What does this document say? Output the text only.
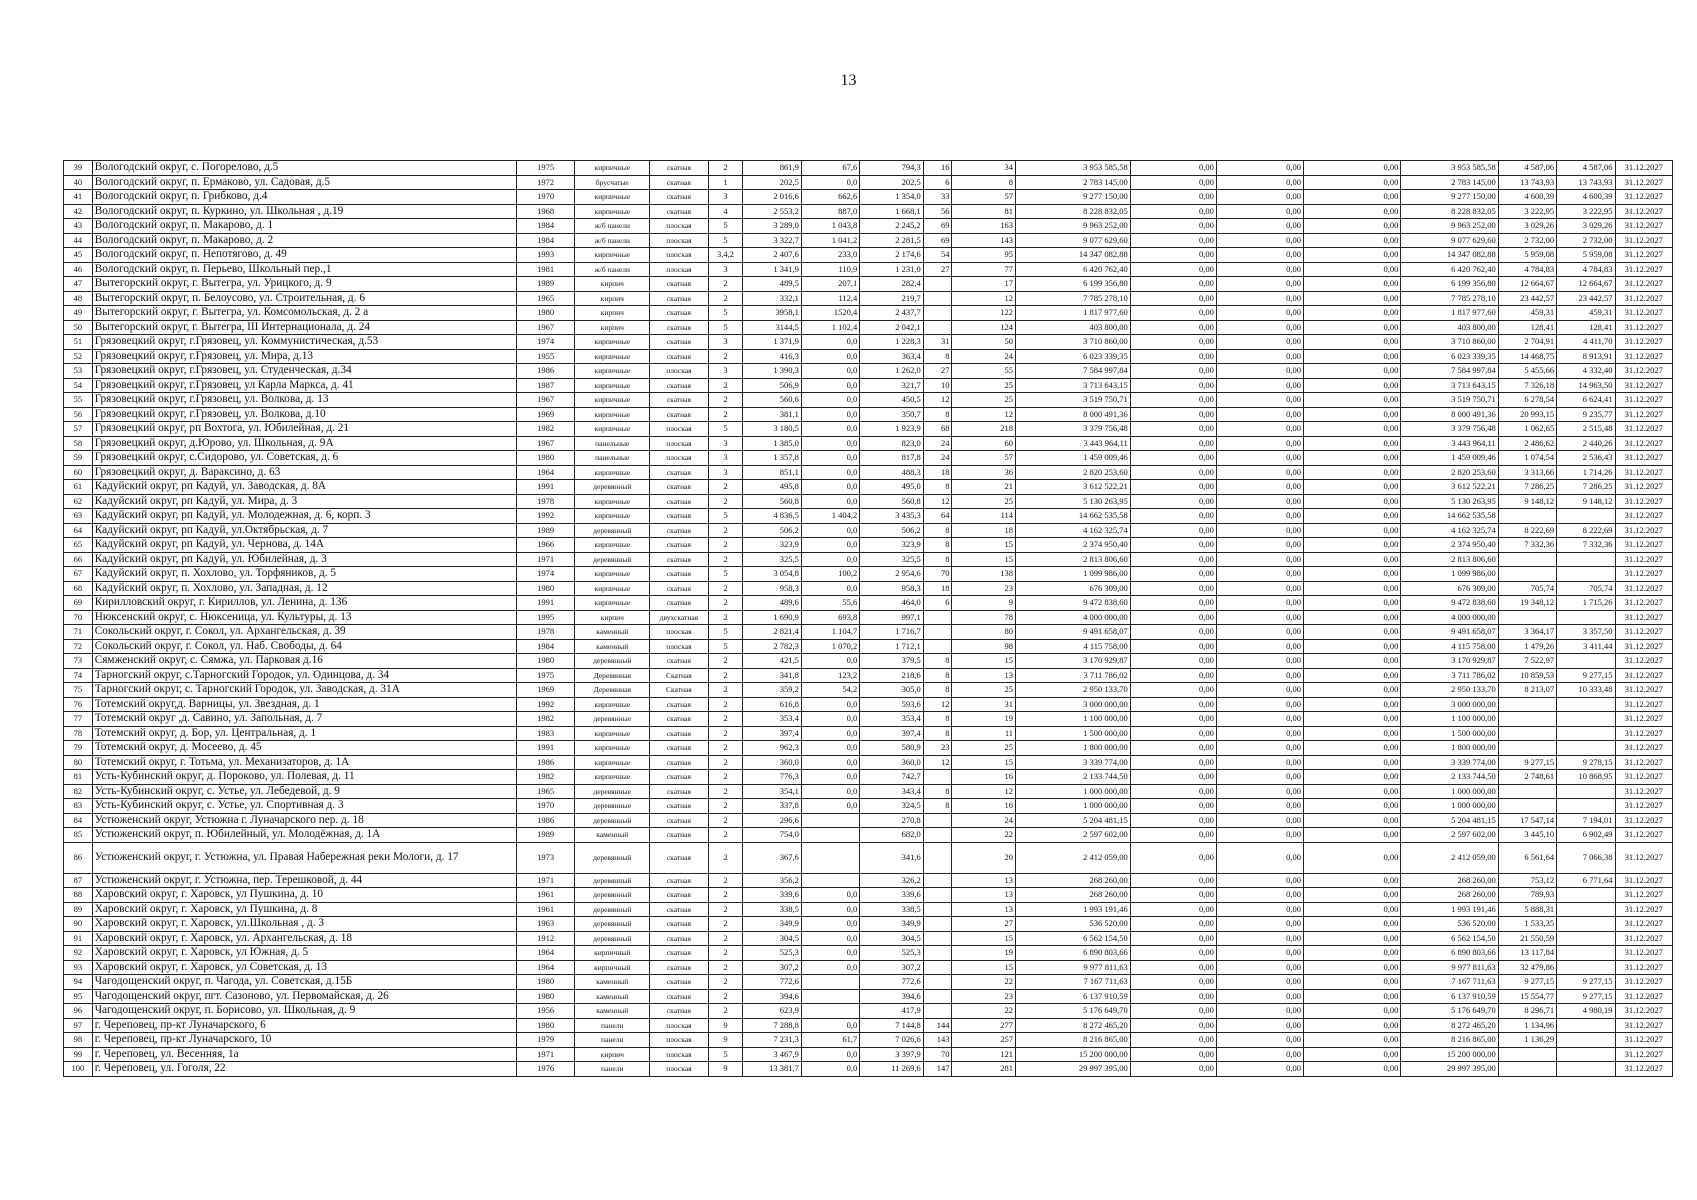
13
39	Вологодский округ, с. Погорелово, д.5	1975	кирпичные	скатная	2	861,9	67,6	794,3	16	34	3 953 585,58	0,00	0,00	0,00	3 953 585,58	4 587,06	4 587,06	31.12.2027
40	Вологодский округ, п. Ермаково, ул. Садовая, д.5	1972	брусчатые	скатная	1	202,5	0,0	202,5	6	8	2 783 145,00	0,00	0,00	0,00	2 783 145,00	13 743,93	13 743,93	31.12.2027
41	Вологодский округ, п. Грибково, д.4	1970	кирпичные	скатная	3	2 016,6	662,6	1 354,0	33	57	9 277 150,00	0,00	0,00	0,00	9 277 150,00	4 600,39	4 600,39	31.12.2027
42	Вологодский округ, п. Куркино, ул. Школьная , д.19	1968	кирпичные	скатная	4	2 553,2	887,0	1 668,1	56	81	8 228 832,05	0,00	0,00	0,00	8 228 832,05	3 222,95	3 222,95	31.12.2027
43	Вологодский округ, п. Макарово, д. 1	1984	ж/б панели	плоская	5	3 289,0	1 043,8	2 245,2	69	163	9 963 252,00	0,00	0,00	0,00	9 963 252,00	3 029,26	3 029,26	31.12.2027
44	Вологодский округ, п. Макарово, д. 2	1984	ж/б панели	плоская	5	3 322,7	1 041,2	2 281,5	69	143	9 077 629,60	0,00	0,00	0,00	9 077 629,60	2 732,00	2 732,00	31.12.2027
45	Вологодский округ, п. Непотягово, д. 49	1993	кирпичные	плоская	3,4,2	2 407,6	233,0	2 174,6	54	95	14 347 082,88	0,00	0,00	0,00	14 347 082,88	5 959,08	5 959,08	31.12.2027
46	Вологодский округ, п. Перьево, Школьный пер.,1	1981	ж/б панели	плоская	3	1 341,9	110,9	1 231,0	27	77	6 420 762,40	0,00	0,00	0,00	6 420 762,40	4 784,83	4 784,83	31.12.2027
47	Вытегорский округ, г. Вытегра, ул. Урицкого, д. 9	1989	кирпич	скатная	2	489,5	207,1	282,4		17	6 199 356,80	0,00	0,00	0,00	6 199 356,80	12 664,67	12 664,67	31.12.2027
48	Вытегорский округ, п. Белоусово, ул. Строительная, д. 6	1965	кирпич	скатная	2	332,1	112,4	219,7		12	7 785 278,10	0,00	0,00	0,00	7 785 278,10	23 442,57	23 442,57	31.12.2027
49	Вытегорский округ, г. Вытегра, ул. Комсомольская, д. 2 а	1980	кирпич	скатная	5	3958,1	1520,4	2 437,7		122	1 817 977,60	0,00	0,00	0,00	1 817 977,60	459,31	459,31	31.12.2027
50	Вытегорский округ, г. Вытегра, III Интернационала, д. 24	1967	кирпич	скатная	5	3144,5	1 102,4	2 042,1		124	403 800,00	0,00	0,00	0,00	403 800,00	128,41	128,41	31.12.2027
51	Грязовецкий округ, г.Грязовец, ул. Коммунистическая, д.53	1974	кирпичные	скатная	3	1 371,9	0,0	1 228,3	31	50	3 710 860,00	0,00	0,00	0,00	3 710 860,00	2 704,91	4 411,70	31.12.2027
52	Грязовецкий округ, г.Грязовец, ул. Мира, д.13	1955	кирпичные	скатная	2	416,3	0,0	363,4	8	24	6 023 339,35	0,00	0,00	0,00	6 023 339,35	14 468,75	8 913,91	31.12.2027
53	Грязовецкий округ, г.Грязовец, ул. Студенческая, д.34	1986	кирпичные	плоская	3	1 390,3	0,0	1 262,0	27	55	7 584 997,84	0,00	0,00	0,00	7 584 997,84	5 455,66	4 332,40	31.12.2027
54	Грязовецкий округ, г.Грязовец, ул Карла Маркса, д. 41	1987	кирпичные	скатная	2	506,9	0,0	321,7	10	25	3 713 643,15	0,00	0,00	0,00	3 713 643,15	7 326,18	14 963,50	31.12.2027
55	Грязовецкий округ, г.Грязовец, ул. Волкова, д. 13	1967	кирпичные	скатная	2	560,6	0,0	450,5	12	25	3 519 750,71	0,00	0,00	0,00	3 519 750,71	6 278,54	6 624,41	31.12.2027
56	Грязовецкий округ, г.Грязовец, ул. Волкова, д.10	1969	кирпичные	скатная	2	381,1	0,0	350,7	8	12	8 000 491,36	0,00	0,00	0,00	8 000 491,36	20 993,15	9 235,77	31.12.2027
57	Грязовецкий округ, рп Вохтога, ул. Юбилейная, д. 21	1982	кирпичные	плоская	5	3 180,5	0,0	1 923,9	68	218	3 379 756,48	0,00	0,00	0,00	3 379 756,48	1 062,65	2 515,48	31.12.2027
58	Грязовецкий округ, д.Юрово, ул. Школьная, д. 9А	1967	панельные	плоская	3	1 385,0	0,0	823,0	24	60	3 443 964,11	0,00	0,00	0,00	3 443 964,11	2 486,62	2 440,26	31.12.2027
59	Грязовецкий округ, с.Сидорово, ул. Советская, д. 6	1980	панельные	плоская	3	1 357,8	0,0	817,8	24	57	1 459 009,46	0,00	0,00	0,00	1 459 009,46	1 074,54	2 536,43	31.12.2027
60	Грязовецкий округ, д. Вараксино, д. 63	1964	кирпичные	скатная	3	851,1	0,0	488,3	18	36	2 820 253,60	0,00	0,00	0,00	2 820 253,60	3 313,66	1 714,26	31.12.2027
61	Кадуйский округ, рп Кадуй, ул. Заводская, д. 8А	1991	деревянный	скатная	2	495,8	0,0	495,0	8	21	3 612 522,21	0,00	0,00	0,00	3 612 522,21	7 286,25	7 286,25	31.12.2027
62	Кадуйский округ, рп Кадуй, ул. Мира, д. 3	1978	кирпичные	скатная	2	560,8	0,0	560,8	12	25	5 130 263,95	0,00	0,00	0,00	5 130 263,95	9 148,12	9 148,12	31.12.2027
63	Кадуйский округ, рп Кадуй, ул. Молодежная, д. 6, корп. 3	1992	кирпичные	скатная	5	4 836,5	1 404,2	3 435,3	64	114	14 662 535,58	0,00	0,00	0,00	14 662 535,58			31.12.2027
64	Кадуйский округ, рп Кадуй, ул.Октябрьская, д. 7	1989	деревянный	скатная	2	506,2	0,0	506,2	8	18	4 162 325,74	0,00	0,00	0,00	4 162 325,74	8 222,69	8 222,69	31.12.2027
65	Кадуйский округ, рп Кадуй, ул. Чернова, д. 14А	1966	кирпичные	скатная	2	323,9	0,0	323,9	8	15	2 374 950,40	0,00	0,00	0,00	2 374 950,40	7 332,36	7 332,36	31.12.2027
66	Кадуйский округ, рп Кадуй, ул. Юбилейная, д. 3	1971	деревянный	скатная	2	325,5	0,0	325,5	8	15	2 813 806,60	0,00	0,00	0,00	2 813 806,60			31.12.2027
67	Кадуйский округ, п. Хохлово, ул. Торфяников, д. 5	1974	кирпичные	скатная	5	3 054,8	100,2	2 954,6	70	138	1 099 986,00	0,00	0,00	0,00	1 099 986,00			31.12.2027
68	Кадуйский округ, п. Хохлово, ул. Западная, д. 12	1980	кирпичные	скатная	2	958,3	0,0	958,3	18	23	676 309,00	0,00	0,00	0,00	676 309,00	705,74	705,74	31.12.2027
69	Кирилловский округ, г. Кириллов, ул. Ленина, д. 136	1991	кирпичные	скатная	2	489,6	55,6	464,0	6	9	9 472 838,60	0,00	0,00	0,00	9 472 838,60	19 348,12	1 715,26	31.12.2027
70	Нюксенский округ, с. Нюксеница, ул. Культуры, д. 13	1995	кирпич	двухскатная	2	1 690,9	693,8	997,1		78	4 000 000,00	0,00	0,00	0,00	4 000 000,00			31.12.2027
71	Сокольский округ, г. Сокол, ул. Архангельская, д. 39	1978	каменный	плоская	5	2 821,4	1 104,7	1 716,7		80	9 491 658,07	0,00	0,00	0,00	9 491 658,07	3 364,17	3 357,50	31.12.2027
72	Сокольский округ, г. Сокол, ул. Наб. Свободы, д. 64	1984	каменный	плоская	5	2 782,3	1 070,2	1 712,1		98	4 115 758,00	0,00	0,00	0,00	4 115 758,00	1 479,26	3 411,44	31.12.2027
73	Сямженский округ, с. Сямжа, ул. Парковая д.16	1980	деревянный	скатная	2	421,5	0,0	379,5	8	15	3 170 929,87	0,00	0,00	0,00	3 170 929,87	7 522,97		31.12.2027
74	Тарногский округ, с.Тарногский Городок, ул. Одинцова, д. 34	1975	Деревянная	Скатная	2	341,8	123,2	218,6	8	13	3 711 786,02	0,00	0,00	0,00	3 711 786,02	10 859,53	9 277,15	31.12.2027
75	Тарногский округ, с. Тарногский Городок, ул. Заводская, д. 31А	1969	Деревянная	Скатная	2	359,2	54,2	305,0	8	25	2 950 133,70	0,00	0,00	0,00	2 950 133,70	8 213,07	10 333,48	31.12.2027
76	Тотемский округ,д. Варницы, ул. Звездная, д. 1	1992	кирпичные	скатная	2	616,8	0,0	593,6	12	31	3 000 000,00	0,00	0,00	0,00	3 000 000,00			31.12.2027
77	Тотемский округ ,д. Савино, ул. Запольная, д. 7	1982	деревянные	скатная	2	353,4	0,0	353,4	8	19	1 100 000,00	0,00	0,00	0,00	1 100 000,00			31.12.2027
78	Тотемский округ, д. Бор, ул. Центральная, д. 1	1983	кирпичные	скатная	2	397,4	0,0	397,4	8	11	1 500 000,00	0,00	0,00	0,00	1 500 000,00			31.12.2027
79	Тотемский округ, д. Мосеево, д. 45	1991	кирпичные	скатная	2	962,3	0,0	580,9	23	25	1 800 000,00	0,00	0,00	0,00	1 800 000,00			31.12.2027
80	Тотемский округ, г. Тотьма, ул. Механизаторов, д. 1А	1986	кирпичные	скатная	2	360,0	0,0	360,0	12	15	3 339 774,00	0,00	0,00	0,00	3 339 774,00	9 277,15	9 278,15	31.12.2027
81	Усть-Кубинский округ, д. Пороково, ул. Полевая, д. 11	1982	кирпичные	скатная	2	776,3	0,0	742,7		16	2 133 744,50	0,00	0,00	0,00	2 133 744,50	2 748,61	10 868,95	31.12.2027
82	Усть-Кубинский округ, с. Устье, ул. Лебедевой, д. 9	1965	деревянные	скатная	2	354,1	0,0	343,4	8	12	1 000 000,00	0,00	0,00	0,00	1 000 000,00			31.12.2027
83	Усть-Кубинский округ, с. Устье, ул. Спортивная д. 3	1970	деревянные	скатная	2	337,8	0,0	324,5	8	16	1 000 000,00	0,00	0,00	0,00	1 000 000,00			31.12.2027
84	Устюженский округ, Устюжна г. Луначарского пер. д. 18	1986	деревянный	скатная	2	296,6		270,8		24	5 204 481,15	0,00	0,00	0,00	5 204 481,15	17 547,14	7 194,01	31.12.2027
85	Устюженский округ, п. Юбилейный, ул. Молодёжная, д. 1А	1989	каменный	скатная	2	754,0		682,0		22	2 597 602,00	0,00	0,00	0,00	2 597 602,00	3 445,10	6 902,49	31.12.2027
86	Устюженский округ, г. Устюжна, ул. Правая Набережная реки Мологи, д. 17	1973	деревянный	скатная	2	367,6		341,6		20	2 412 059,00	0,00	0,00	0,00	2 412 059,00	6 561,64	7 066,38	31.12.2027
87	Устюженский округ, г. Устюжна, пер. Терешковой, д. 44	1971	деревянный	скатная	2	356,2		326,2		13	268 260,00	0,00	0,00	0,00	268 260,00	753,12	6 771,64	31.12.2027
88	Харовский округ, г. Харовск, ул Пушкина, д. 10	1961	деревянный	скатная	2	339,6	0,0	339,6		13	268 260,00	0,00	0,00	0,00	268 260,00	789,93		31.12.2027
89	Харовский округ, г. Харовск, ул Пушкина, д. 8	1961	деревянный	скатная	2	338,5	0,0	338,5		13	1 993 191,46	0,00	0,00	0,00	1 993 191,46	5 888,31		31.12.2027
90	Харовский округ, г. Харовск, ул.Школьная , д. 3	1963	деревянный	скатная	2	349,9	0,0	349,9		27	536 520,00	0,00	0,00	0,00	536 520,00	1 533,35		31.12.2027
91	Харовский округ, г. Харовск, ул. Архангельская, д. 18	1912	деревянный	скатная	2	304,5	0,0	304,5		15	6 562 154,50	0,00	0,00	0,00	6 562 154,50	21 550,59		31.12.2027
92	Харовский округ, г. Харовск, ул Южная, д. 5	1964	кирпичный	скатная	2	525,3	0,0	525,3		19	6 890 803,66	0,00	0,00	0,00	6 890 803,66	13 117,84		31.12.2027
93	Харовский округ, г. Харовск, ул Советская, д. 13	1964	кирпичный	скатная	2	307,2	0,0	307,2		15	9 977 811,63	0,00	0,00	0,00	9 977 811,63	32 479,86		31.12.2027
94	Чагодощенский округ, п. Чагода, ул. Советская, д.15Б	1980	каменный	скатная	2	772,6		772,6		22	7 167 711,63	0,00	0,00	0,00	7 167 711,63	9 277,15	9 277,15	31.12.2027
95	Чагодощенский округ, пгт. Сазоново, ул. Первомайская, д. 26	1980	каменный	скатная	2	394,6		394,6		23	6 137 910,59	0,00	0,00	0,00	6 137 910,59	15 554,77	9 277,15	31.12.2027
96	Чагодощенский округ, п. Борисово, ул. Школьная, д. 9	1956	каменный	скатная	2	623,9		417,9		22	5 176 649,70	0,00	0,00	0,00	5 176 649,70	8 296,71	4 980,19	31.12.2027
97	г. Череповец, пр-кт Луначарского, 6	1980	панели	плоская	9	7 288,8	0,0	7 144,8	144	277	8 272 465,20	0,00	0,00	0,00	8 272 465,20	1 134,96		31.12.2027
98	г. Череповец, пр-кт Луначарского, 10	1979	панели	плоская	9	7 231,3	61,7	7 026,6	143	257	8 216 865,00	0,00	0,00	0,00	8 216 865,00	1 136,29		31.12.2027
99	г. Череповец, ул. Весенняя, 1а	1971	кирпич	плоская	5	3 467,9	0,0	3 397,9	70	121	15 200 000,00	0,00	0,00	0,00	15 200 000,00			31.12.2027
100	г. Череповец, ул. Гоголя, 22	1976	панели	плоская	9	13 381,7	0,0	11 269,6	147	281	29 997 395,00	0,00	0,00	0,00	29 997 395,00			31.12.2027
